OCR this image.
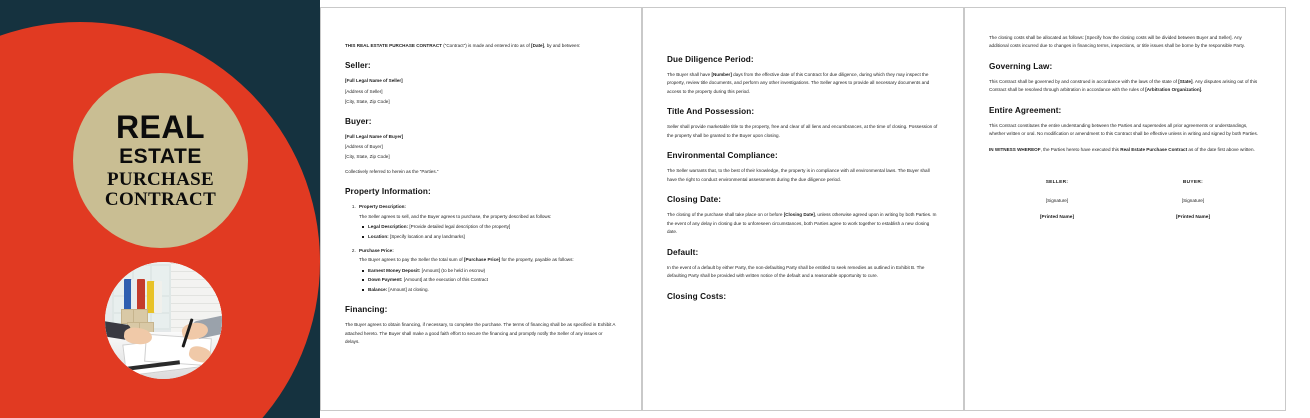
REAL
ESTATE
PURCHASE
CONTRACT

THIS REAL ESTATE PURCHASE CONTRACT (“Contract”) is made and entered into as of [Date], by and between:

Seller:

[Full Legal Name of Seller]

[Address of Seller]

[City, State, Zip Code]

Buyer:

[Full Legal Name of Buyer]

[Address of Buyer]

[City, State, Zip Code]

Collectively referred to herein as the “Parties.”

Property Information:
1. Property Description:
The Seller agrees to sell, and the Buyer agrees to purchase, the property described as follows:
Legal Description: [Provide detailed legal description of the property]
Location: [Specify location and any landmarks]
2. Purchase Price:
The Buyer agrees to pay the Seller the total sum of [Purchase Price] for the property, payable as follows:
Earnest Money Deposit: [Amount] (to be held in escrow)
Down Payment: [Amount] at the execution of this Contract
Balance: [Amount] at closing.
Financing:

The Buyer agrees to obtain financing, if necessary, to complete the purchase. The terms of financing shall be as specified in Exhibit A attached hereto. The Buyer shall make a good faith effort to secure the financing and promptly notify the Seller of any issues or delays.

Due Diligence Period:

The Buyer shall have [Number] days from the effective date of this Contract for due diligence, during which they may inspect the property, review title documents, and perform any other investigations. The Seller agrees to provide all necessary documents and access to the property during this period.

Title And Possession:

Seller shall provide marketable title to the property, free and clear of all liens and encumbrances, at the time of closing. Possession of the property shall be granted to the Buyer upon closing.

Environmental Compliance:

The Seller warrants that, to the best of their knowledge, the property is in compliance with all environmental laws. The Buyer shall have the right to conduct environmental assessments during the due diligence period.

Closing Date:

The closing of the purchase shall take place on or before [Closing Date], unless otherwise agreed upon in writing by both Parties. In the event of any delay in closing due to unforeseen circumstances, both Parties agree to work together to establish a new closing date.

Default:

In the event of a default by either Party, the non-defaulting Party shall be entitled to seek remedies as outlined in Exhibit B. The defaulting Party shall be provided with written notice of the default and a reasonable opportunity to cure.

Closing Costs:

The closing costs shall be allocated as follows: [Specify how the closing costs will be divided between Buyer and Seller]. Any additional costs incurred due to changes in financing terms, inspections, or title issues shall be borne by the responsible Party.

Governing Law:

This Contract shall be governed by and construed in accordance with the laws of the state of [State]. Any disputes arising out of this Contract shall be resolved through arbitration in accordance with the rules of [Arbitration Organization].

Entire Agreement:

This Contract constitutes the entire understanding between the Parties and supersedes all prior agreements or understandings, whether written or oral. No modification or amendment to this Contract shall be effective unless in writing and signed by both Parties.

IN WITNESS WHEREOF, the Parties hereto have executed this Real Estate Purchase Contract as of the date first above written.

SELLER:
[Signature]
[Printed Name]
BUYER:
[Signature]
[Printed Name]
